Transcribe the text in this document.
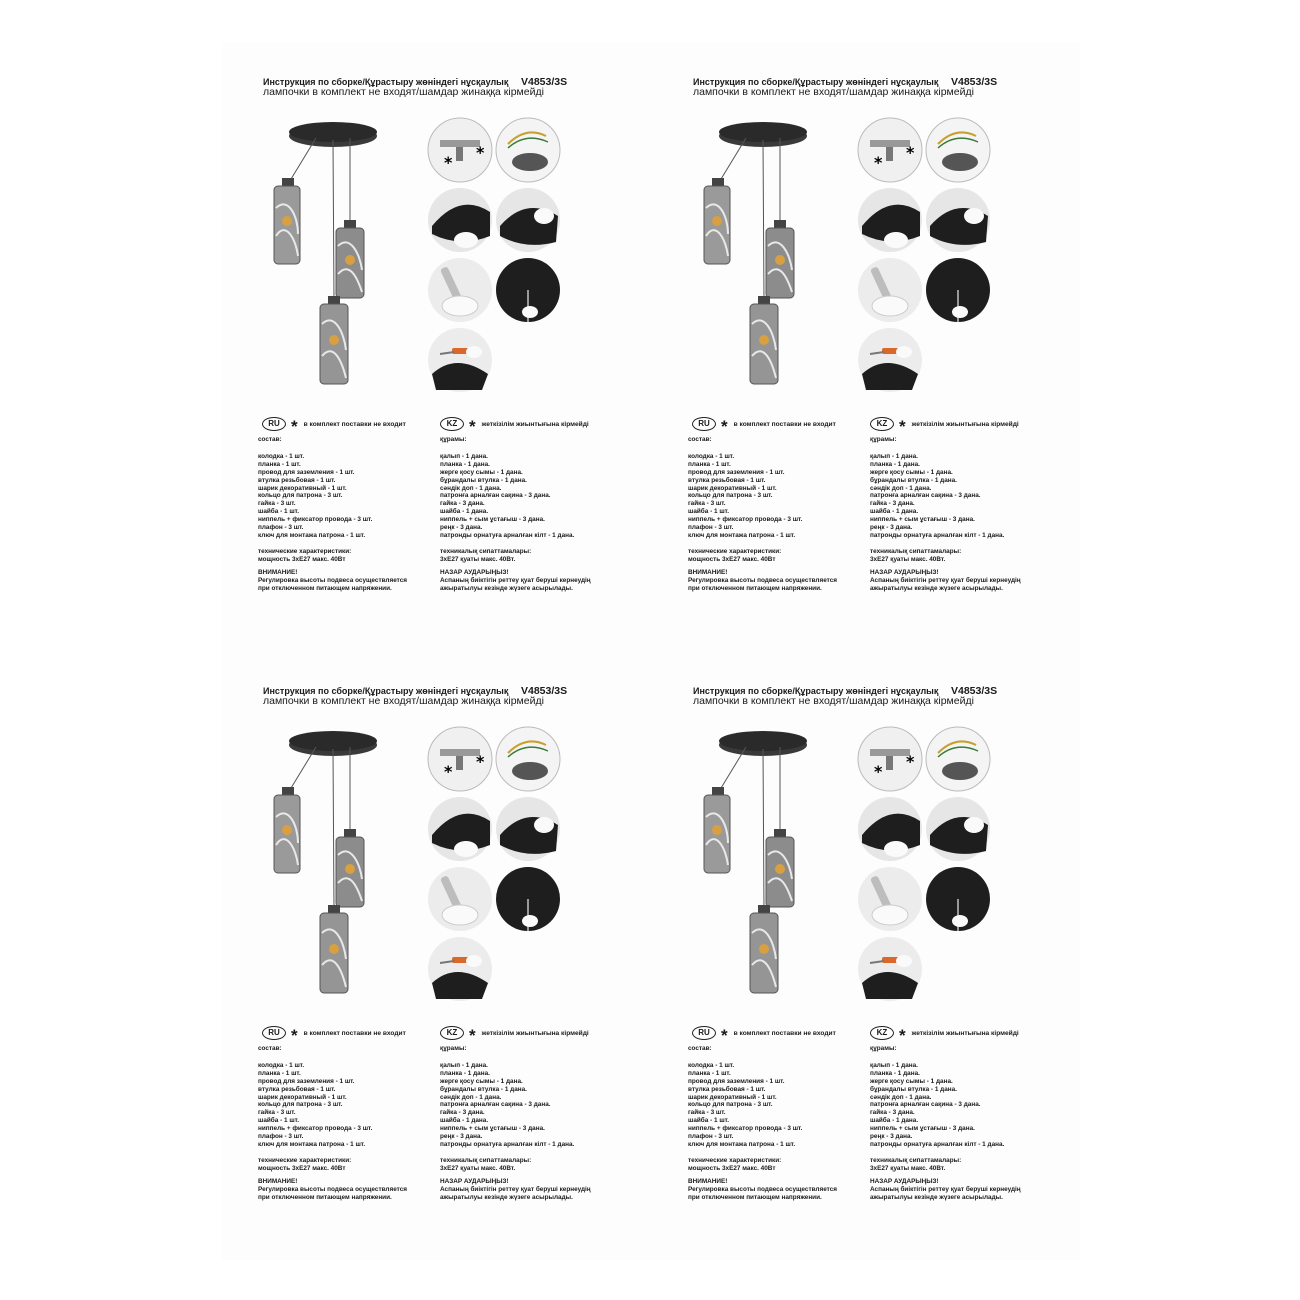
Инструкция по сборке/Құрастыру жөніндегі нұсқаулық V4853/3S
лампочки в комплект не входят/шамдар жинаққа кірмейді
*
*
RU * в комплект поставки не входит	KZ * жеткізілім жиынтығына кірмейді
состав:
колодка - 1 шт.
планка - 1 шт.
провод для заземления - 1 шт.
втулка резьбовая - 1 шт.
шарик декоративный - 1 шт.
кольцо для патрона - 3 шт.
гайка - 3 шт.
шайба - 1 шт.
ниппель + фиксатор провода - 3 шт.
плафон - 3 шт.
ключ для монтажа патрона - 1 шт.

технические характеристики:

мощность 3хЕ27 макс. 40Вт

ВНИМАНИЕ!

Регулировка высоты подвеса осуществляется

при отключенном питающем напряжении.

құрамы:
қалып - 1 дана.
планка - 1 дана.
жерге қосу сымы - 1 дана.
бұрандалы втулка - 1 дана.
сәндік доп - 1 дана.
патронға арналған сақина - 3 дана.
гайка - 3 дана.
шайба - 1 дана.
ниппель + сым ұстағыш - 3 дана.
реңк - 3 дана.
патронды орнатуға арналған кілт - 1 дана.

техникалық сипаттамалары:

3хЕ27 қуаты макс. 40Вт.

НАЗАР АУДАРЫҢЫЗ!

Аспаның биіктігін реттеу қуат беруші кернеудің

ажыратылуы кезінде жүзеге асырылады.

Инструкция по сборке/Құрастыру жөніндегі нұсқаулық V4853/3S
лампочки в комплект не входят/шамдар жинаққа кірмейді
*
*
RU * в комплект поставки не входит	KZ * жеткізілім жиынтығына кірмейді
состав:
колодка - 1 шт.
планка - 1 шт.
провод для заземления - 1 шт.
втулка резьбовая - 1 шт.
шарик декоративный - 1 шт.
кольцо для патрона - 3 шт.
гайка - 3 шт.
шайба - 1 шт.
ниппель + фиксатор провода - 3 шт.
плафон - 3 шт.
ключ для монтажа патрона - 1 шт.

технические характеристики:

мощность 3хЕ27 макс. 40Вт

ВНИМАНИЕ!

Регулировка высоты подвеса осуществляется

при отключенном питающем напряжении.

құрамы:
қалып - 1 дана.
планка - 1 дана.
жерге қосу сымы - 1 дана.
бұрандалы втулка - 1 дана.
сәндік доп - 1 дана.
патронға арналған сақина - 3 дана.
гайка - 3 дана.
шайба - 1 дана.
ниппель + сым ұстағыш - 3 дана.
реңк - 3 дана.
патронды орнатуға арналған кілт - 1 дана.

техникалық сипаттамалары:

3хЕ27 қуаты макс. 40Вт.

НАЗАР АУДАРЫҢЫЗ!

Аспаның биіктігін реттеу қуат беруші кернеудің

ажыратылуы кезінде жүзеге асырылады.

Инструкция по сборке/Құрастыру жөніндегі нұсқаулық V4853/3S
лампочки в комплект не входят/шамдар жинаққа кірмейді
*
*
RU * в комплект поставки не входит	KZ * жеткізілім жиынтығына кірмейді
состав:
колодка - 1 шт.
планка - 1 шт.
провод для заземления - 1 шт.
втулка резьбовая - 1 шт.
шарик декоративный - 1 шт.
кольцо для патрона - 3 шт.
гайка - 3 шт.
шайба - 1 шт.
ниппель + фиксатор провода - 3 шт.
плафон - 3 шт.
ключ для монтажа патрона - 1 шт.

технические характеристики:

мощность 3хЕ27 макс. 40Вт

ВНИМАНИЕ!

Регулировка высоты подвеса осуществляется

при отключенном питающем напряжении.

құрамы:
қалып - 1 дана.
планка - 1 дана.
жерге қосу сымы - 1 дана.
бұрандалы втулка - 1 дана.
сәндік доп - 1 дана.
патронға арналған сақина - 3 дана.
гайка - 3 дана.
шайба - 1 дана.
ниппель + сым ұстағыш - 3 дана.
реңк - 3 дана.
патронды орнатуға арналған кілт - 1 дана.

техникалық сипаттамалары:

3хЕ27 қуаты макс. 40Вт.

НАЗАР АУДАРЫҢЫЗ!

Аспаның биіктігін реттеу қуат беруші кернеудің

ажыратылуы кезінде жүзеге асырылады.

Инструкция по сборке/Құрастыру жөніндегі нұсқаулық V4853/3S
лампочки в комплект не входят/шамдар жинаққа кірмейді
*
*
RU * в комплект поставки не входит	KZ * жеткізілім жиынтығына кірмейді
состав:
колодка - 1 шт.
планка - 1 шт.
провод для заземления - 1 шт.
втулка резьбовая - 1 шт.
шарик декоративный - 1 шт.
кольцо для патрона - 3 шт.
гайка - 3 шт.
шайба - 1 шт.
ниппель + фиксатор провода - 3 шт.
плафон - 3 шт.
ключ для монтажа патрона - 1 шт.

технические характеристики:

мощность 3хЕ27 макс. 40Вт

ВНИМАНИЕ!

Регулировка высоты подвеса осуществляется

при отключенном питающем напряжении.

құрамы:
қалып - 1 дана.
планка - 1 дана.
жерге қосу сымы - 1 дана.
бұрандалы втулка - 1 дана.
сәндік доп - 1 дана.
патронға арналған сақина - 3 дана.
гайка - 3 дана.
шайба - 1 дана.
ниппель + сым ұстағыш - 3 дана.
реңк - 3 дана.
патронды орнатуға арналған кілт - 1 дана.

техникалық сипаттамалары:

3хЕ27 қуаты макс. 40Вт.

НАЗАР АУДАРЫҢЫЗ!

Аспаның биіктігін реттеу қуат беруші кернеудің

ажыратылуы кезінде жүзеге асырылады.
